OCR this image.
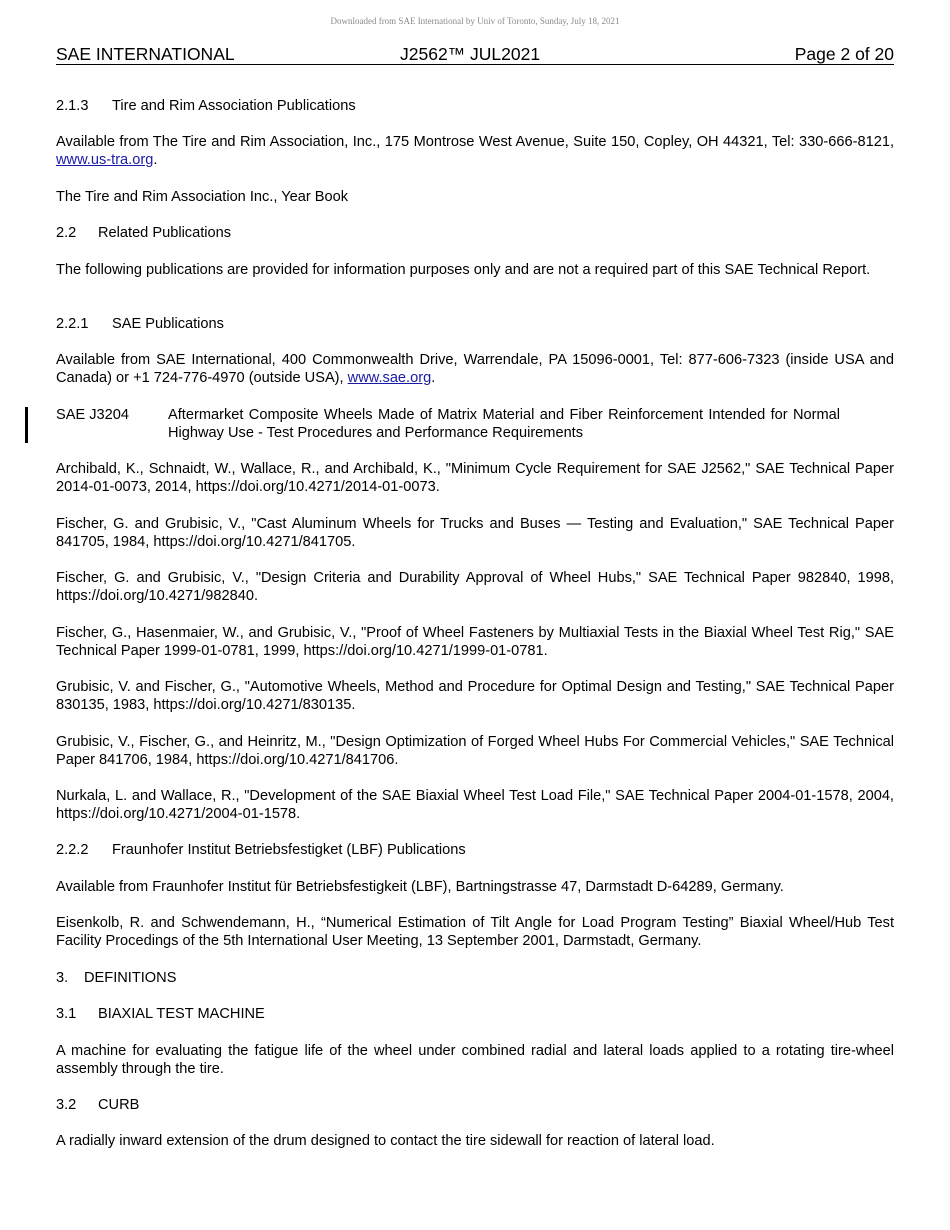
Downloaded from SAE International by Univ of Toronto, Sunday, July 18, 2021
SAE INTERNATIONAL	J2562™ JUL2021	Page 2 of 20
2.1.3 Tire and Rim Association Publications

Available from The Tire and Rim Association, Inc., 175 Montrose West Avenue, Suite 150, Copley, OH 44321, Tel: 330-666-8121, www.us-tra.org.

The Tire and Rim Association Inc., Year Book

2.2 Related Publications

The following publications are provided for information purposes only and are not a required part of this SAE Technical Report.

2.2.1 SAE Publications

Available from SAE International, 400 Commonwealth Drive, Warrendale, PA 15096-0001, Tel: 877-606-7323 (inside USA and Canada) or +1 724-776-4970 (outside USA), www.sae.org.

SAE J3204	Aftermarket Composite Wheels Made of Matrix Material and Fiber Reinforcement Intended for Normal Highway Use - Test Procedures and Performance Requirements

Archibald, K., Schnaidt, W., Wallace, R., and Archibald, K., "Minimum Cycle Requirement for SAE J2562," SAE Technical Paper 2014-01-0073, 2014, https://doi.org/10.4271/2014-01-0073.

Fischer, G. and Grubisic, V., "Cast Aluminum Wheels for Trucks and Buses — Testing and Evaluation," SAE Technical Paper 841705, 1984, https://doi.org/10.4271/841705.

Fischer, G. and Grubisic, V., "Design Criteria and Durability Approval of Wheel Hubs," SAE Technical Paper 982840, 1998, https://doi.org/10.4271/982840.

Fischer, G., Hasenmaier, W., and Grubisic, V., "Proof of Wheel Fasteners by Multiaxial Tests in the Biaxial Wheel Test Rig," SAE Technical Paper 1999-01-0781, 1999, https://doi.org/10.4271/1999-01-0781.

Grubisic, V. and Fischer, G., "Automotive Wheels, Method and Procedure for Optimal Design and Testing," SAE Technical Paper 830135, 1983, https://doi.org/10.4271/830135.

Grubisic, V., Fischer, G., and Heinritz, M., "Design Optimization of Forged Wheel Hubs For Commercial Vehicles," SAE Technical Paper 841706, 1984, https://doi.org/10.4271/841706.

Nurkala, L. and Wallace, R., "Development of the SAE Biaxial Wheel Test Load File," SAE Technical Paper 2004-01-1578, 2004, https://doi.org/10.4271/2004-01-1578.

2.2.2 Fraunhofer Institut Betriebsfestigket (LBF) Publications

Available from Fraunhofer Institut für Betriebsfestigkeit (LBF), Bartningstrasse 47, Darmstadt D-64289, Germany.

Eisenkolb, R. and Schwendemann, H., “Numerical Estimation of Tilt Angle for Load Program Testing” Biaxial Wheel/Hub Test Facility Procedings of the 5th International User Meeting, 13 September 2001, Darmstadt, Germany.

3. DEFINITIONS
3.1 BIAXIAL TEST MACHINE

A machine for evaluating the fatigue life of the wheel under combined radial and lateral loads applied to a rotating tire-wheel assembly through the tire.

3.2 CURB

A radially inward extension of the drum designed to contact the tire sidewall for reaction of lateral load.
